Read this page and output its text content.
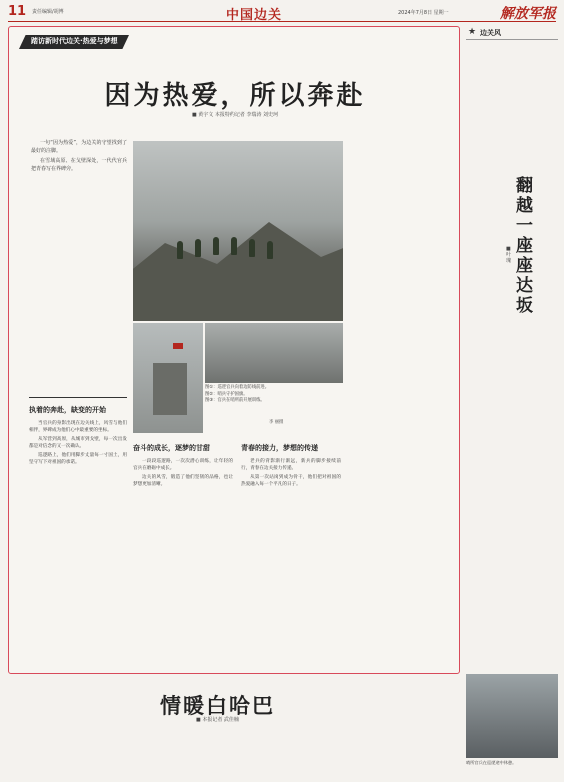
11 责任编辑/胡博	中国边关	2024年7月8日 星期一	解放军报
踏访新时代边关·热爱与梦想
因为热爱，所以奔赴
■ 黄宇文 本报特约记者 李瑞涛 刘史珂

一句“因为热爱”，为边关的守望找到了最好的注脚。

在雪域高原、在戈壁深处，一代代官兵把青春写在界碑旁。

执着的奔赴，缺变的开始

当官兵的身影出现在边关线上，风雪与他们相伴，界碑成为他们心中最重要的坐标。

从军营到高原，从城市到戈壁，每一次出发都是对信念的又一次确认。

巡逻路上，他们用脚步丈量每一寸国土，用坚守写下对祖国的承诺。

图①：巡逻官兵向着边防线前进。
图②：哨兵守护国旗。
图③：官兵在哨所前开展训练。
李 丽摄
奋斗的成长，逐梦的甘甜

一段段巡逻路，一次次潜心训练，让年轻的官兵在磨砺中成长。

边关的风雪，锻造了他们坚韧的品格，也让梦想更加清晰。

青春的接力，梦想的传递

老兵的背影渐行渐远，新兵的脚步接续前行，青春在边关接力传递。

从第一次站岗到成为骨干，他们把对祖国的热爱融入每一个平凡的日子。

★ 边关风
翻越一座座达坂
■ 叶 瑰
情暖白哈巴
■ 本报记者 武佳楠
哨所官兵在巡逻途中休憩。
